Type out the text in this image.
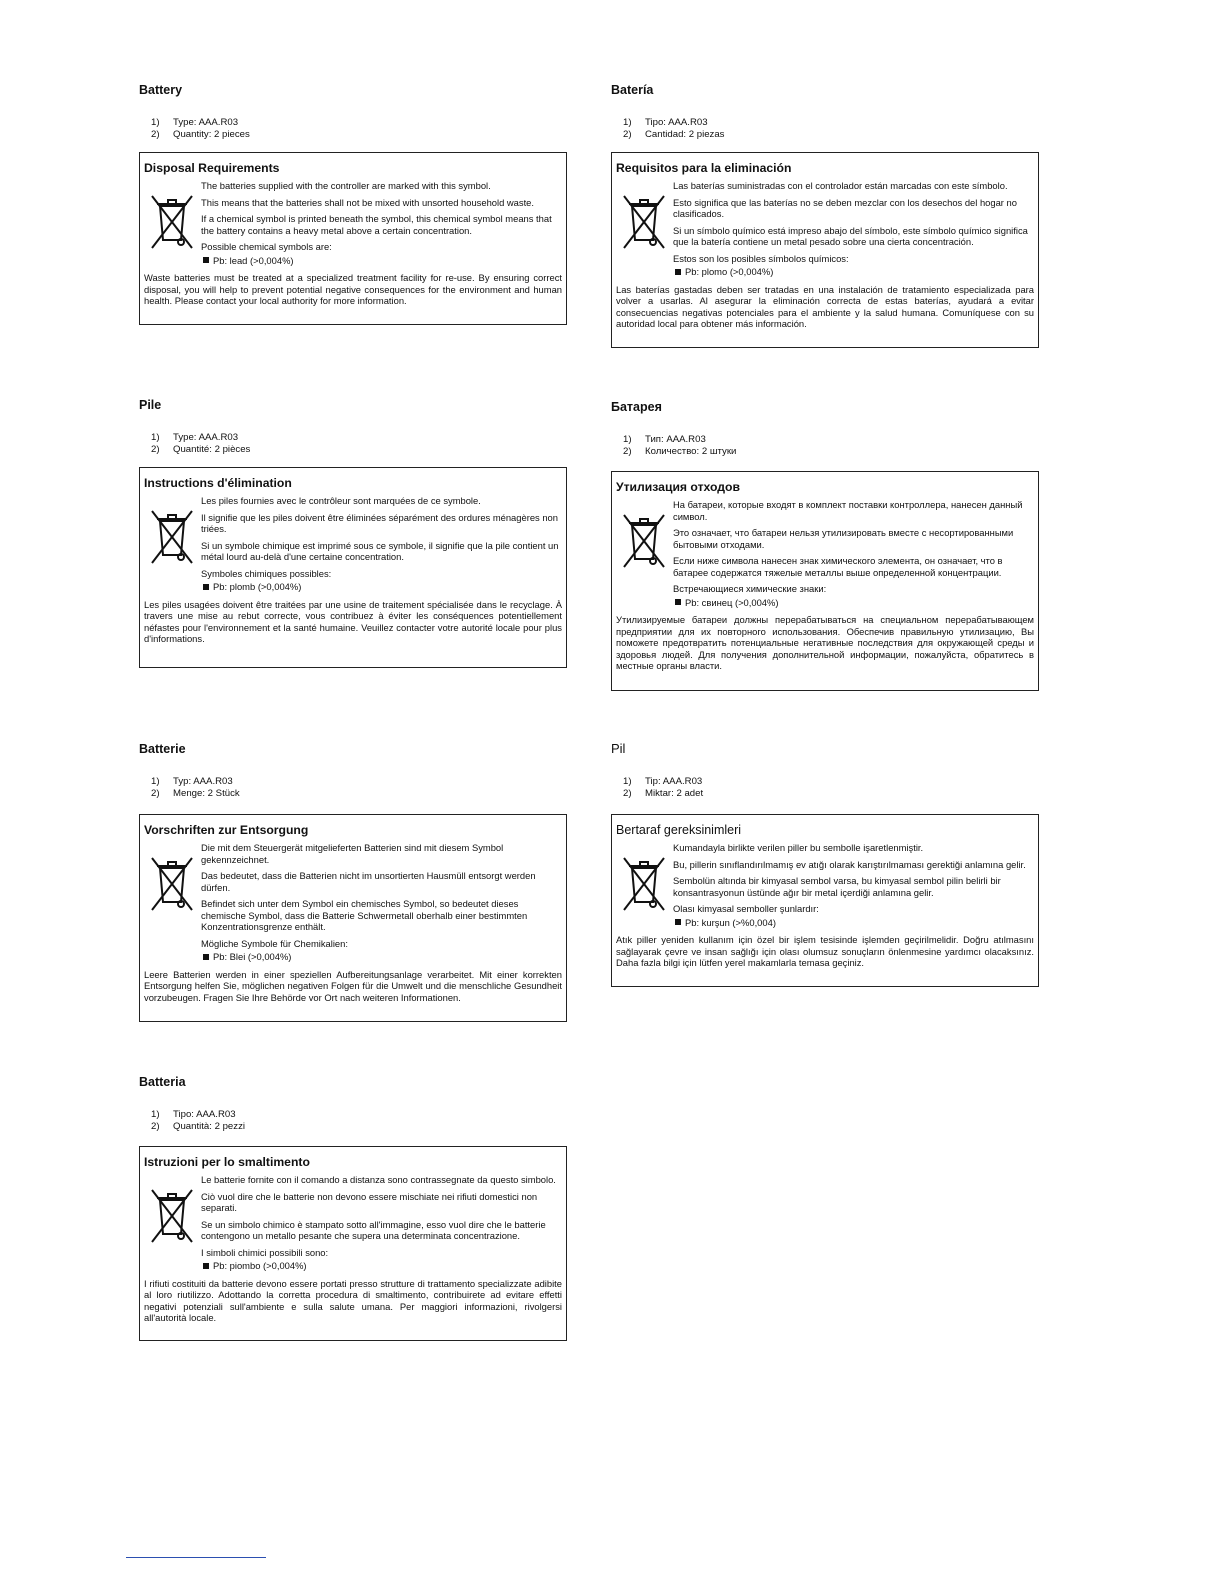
Battery
1)	Type: AAA.R03
2)	Quantity: 2 pieces
Disposal Requirements

The batteries supplied with the controller are marked with this symbol.

This means that the batteries shall not be mixed with unsorted household waste.

If a chemical symbol is printed beneath the symbol, this chemical symbol means that the battery contains a heavy metal above a certain concentration.

Possible chemical symbols are:

Pb: lead (>0,004%)
Waste batteries must be treated at a specialized treatment facility for re-use. By ensuring correct disposal, you will help to prevent potential negative consequences for the environment and human health. Please contact your local authority for more information.
Batería
1)	Tipo: AAA.R03
2)	Cantidad: 2 piezas
Requisitos para la eliminación

Las baterías suministradas con el controlador están marcadas con este símbolo.

Esto significa que las baterías no se deben mezclar con los desechos del hogar no clasificados.

Si un símbolo químico está impreso abajo del símbolo, este símbolo químico significa que la batería contiene un metal pesado sobre una cierta concentración.

Estos son los posibles símbolos químicos:

Pb: plomo (>0,004%)
Las baterías gastadas deben ser tratadas en una instalación de tratamiento especializada para volver a usarlas. Al asegurar la eliminación correcta de estas baterías, ayudará a evitar consecuencias negativas potenciales para el ambiente y la salud humana. Comuníquese con su autoridad local para obtener más información.
Pile
1)	Type: AAA.R03
2)	Quantité: 2 pièces
Instructions d'élimination

Les piles fournies avec le contrôleur sont marquées de ce symbole.

Il signifie que les piles doivent être éliminées séparément des ordures ménagères non triées.

Si un symbole chimique est imprimé sous ce symbole, il signifie que la pile contient un métal lourd au-delà d'une certaine concentration.

Symboles chimiques possibles:

Pb: plomb (>0,004%)
Les piles usagées doivent être traitées par une usine de traitement spécialisée dans le recyclage. À travers une mise au rebut correcte, vous contribuez à éviter les conséquences potentiellement néfastes pour l'environnement et la santé humaine. Veuillez contacter votre autorité locale pour plus d'informations.
Батарея
1)	Тип: AAA.R03
2)	Количество: 2 штуки
Утилизация отходов

На батареи, которые входят в комплект поставки контроллера, нанесен данный символ.

Это означает, что батареи нельзя утилизировать вместе с несортированными бытовыми отходами.

Если ниже символа нанесен знак химического элемента, он означает, что в батарее содержатся тяжелые металлы выше определенной концентрации.

Встречающиеся химические знаки:

Pb: свинец (>0,004%)
Утилизируемые батареи должны перерабатываться на специальном перерабатывающем предприятии для их повторного использования. Обеспечив правильную утилизацию, Вы поможете предотвратить потенциальные негативные последствия для окружающей среды и здоровья людей. Для получения дополнительной информации, пожалуйста, обратитесь в местные органы власти.
Batterie
1)	Typ: AAA.R03
2)	Menge: 2 Stück
Vorschriften zur Entsorgung

Die mit dem Steuergerät mitgelieferten Batterien sind mit diesem Symbol gekennzeichnet.

Das bedeutet, dass die Batterien nicht im unsortierten Hausmüll entsorgt werden dürfen.

Befindet sich unter dem Symbol ein chemisches Symbol, so bedeutet dieses chemische Symbol, dass die Batterie Schwermetall oberhalb einer bestimmten Konzentrationsgrenze enthält.

Mögliche Symbole für Chemikalien:

Pb: Blei (>0,004%)
Leere Batterien werden in einer speziellen Aufbereitungsanlage verarbeitet. Mit einer korrekten Entsorgung helfen Sie, möglichen negativen Folgen für die Umwelt und die menschliche Gesundheit vorzubeugen. Fragen Sie Ihre Behörde vor Ort nach weiteren Informationen.
Pil
1)	Tip: AAA.R03
2)	Miktar: 2 adet
Bertaraf gereksinimleri

Kumandayla birlikte verilen piller bu sembolle işaretlenmiştir.

Bu, pillerin sınıflandırılmamış ev atığı olarak karıştırılmaması gerektiği anlamına gelir.

Sembolün altında bir kimyasal sembol varsa, bu kimyasal sembol pilin belirli bir konsantrasyonun üstünde ağır bir metal içerdiği anlamına gelir.

Olası kimyasal semboller şunlardır:

Pb: kurşun (>%0,004)
Atık piller yeniden kullanım için özel bir işlem tesisinde işlemden geçirilmelidir. Doğru atılmasını sağlayarak çevre ve insan sağlığı için olası olumsuz sonuçların önlenmesine yardımcı olacaksınız. Daha fazla bilgi için lütfen yerel makamlarla temasa geçiniz.
Batteria
1)	Tipo: AAA.R03
2)	Quantità: 2 pezzi
Istruzioni per lo smaltimento

Le batterie fornite con il comando a distanza sono contrassegnate da questo simbolo.

Ciò vuol dire che le batterie non devono essere mischiate nei rifiuti domestici non separati.

Se un simbolo chimico è stampato sotto all'immagine, esso vuol dire che le batterie contengono un metallo pesante che supera una determinata concentrazione.

I simboli chimici possibili sono:

Pb: piombo (>0,004%)
I rifiuti costituiti da batterie devono essere portati presso strutture di trattamento specializzate adibite al loro riutilizzo. Adottando la corretta procedura di smaltimento, contribuirete ad evitare effetti negativi potenziali sull'ambiente e sulla salute umana. Per maggiori informazioni, rivolgersi all'autorità locale.
